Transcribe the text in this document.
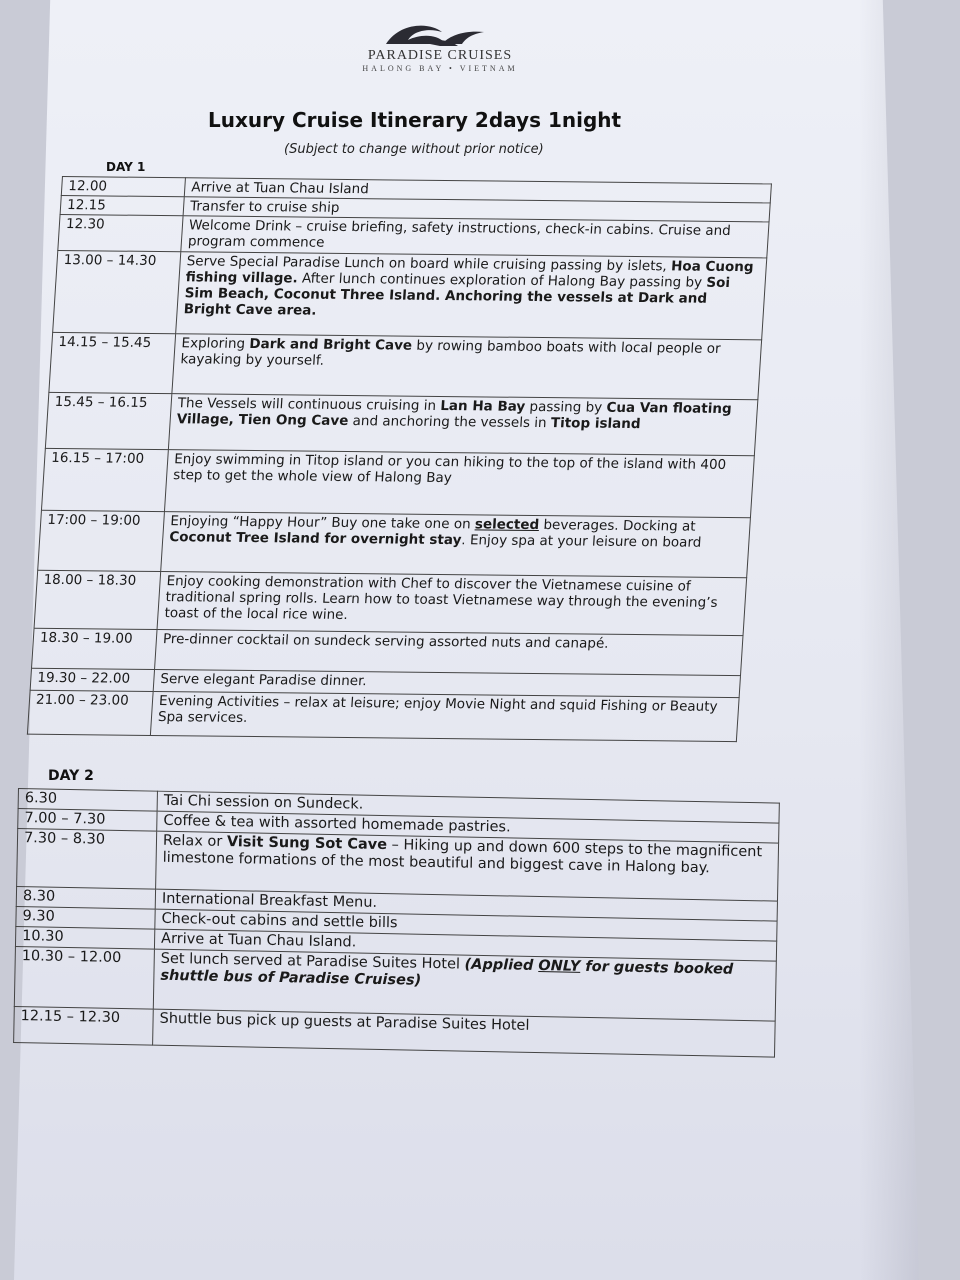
PARADISE CRUISES
HALONG BAY • VIETNAM
Luxury Cruise Itinerary 2days 1night
(Subject to change without prior notice)
DAY 1
12.00	Arrive at Tuan Chau Island
12.15	Transfer to cruise ship
12.30	Welcome Drink – cruise briefing, safety instructions, check-in cabins. Cruise and program commence
13.00 – 14.30	Serve Special Paradise Lunch on board while cruising passing by islets, Hoa Cuong fishing village. After lunch continues exploration of Halong Bay passing by Soi Sim Beach, Coconut Three Island. Anchoring the vessels at Dark and Bright Cave area.
14.15 – 15.45	Exploring Dark and Bright Cave by rowing bamboo boats with local people or kayaking by yourself.
15.45 – 16.15	The Vessels will continuous cruising in Lan Ha Bay passing by Cua Van floating Village, Tien Ong Cave and anchoring the vessels in Titop island
16.15 – 17:00	Enjoy swimming in Titop island or you can hiking to the top of the island with 400 step to get the whole view of Halong Bay
17:00 – 19:00	Enjoying “Happy Hour” Buy one take one on selected beverages. Docking at Coconut Tree Island for overnight stay. Enjoy spa at your leisure on board
18.00 – 18.30	Enjoy cooking demonstration with Chef to discover the Vietnamese cuisine of traditional spring rolls. Learn how to toast Vietnamese way through the evening’s toast of the local rice wine.
18.30 – 19.00	Pre-dinner cocktail on sundeck serving assorted nuts and canapé.
19.30 – 22.00	Serve elegant Paradise dinner.
21.00 – 23.00	Evening Activities – relax at leisure; enjoy Movie Night and squid Fishing or Beauty Spa services.
DAY 2
6.30	Tai Chi session on Sundeck.
7.00 – 7.30	Coffee & tea with assorted homemade pastries.
7.30 – 8.30	Relax or Visit Sung Sot Cave – Hiking up and down 600 steps to the magnificent limestone formations of the most beautiful and biggest cave in Halong bay.
8.30	International Breakfast Menu.
9.30	Check-out cabins and settle bills
10.30	Arrive at Tuan Chau Island.
10.30 – 12.00	Set lunch served at Paradise Suites Hotel (Applied ONLY for guests booked shuttle bus of Paradise Cruises)
12.15 – 12.30	Shuttle bus pick up guests at Paradise Suites Hotel
